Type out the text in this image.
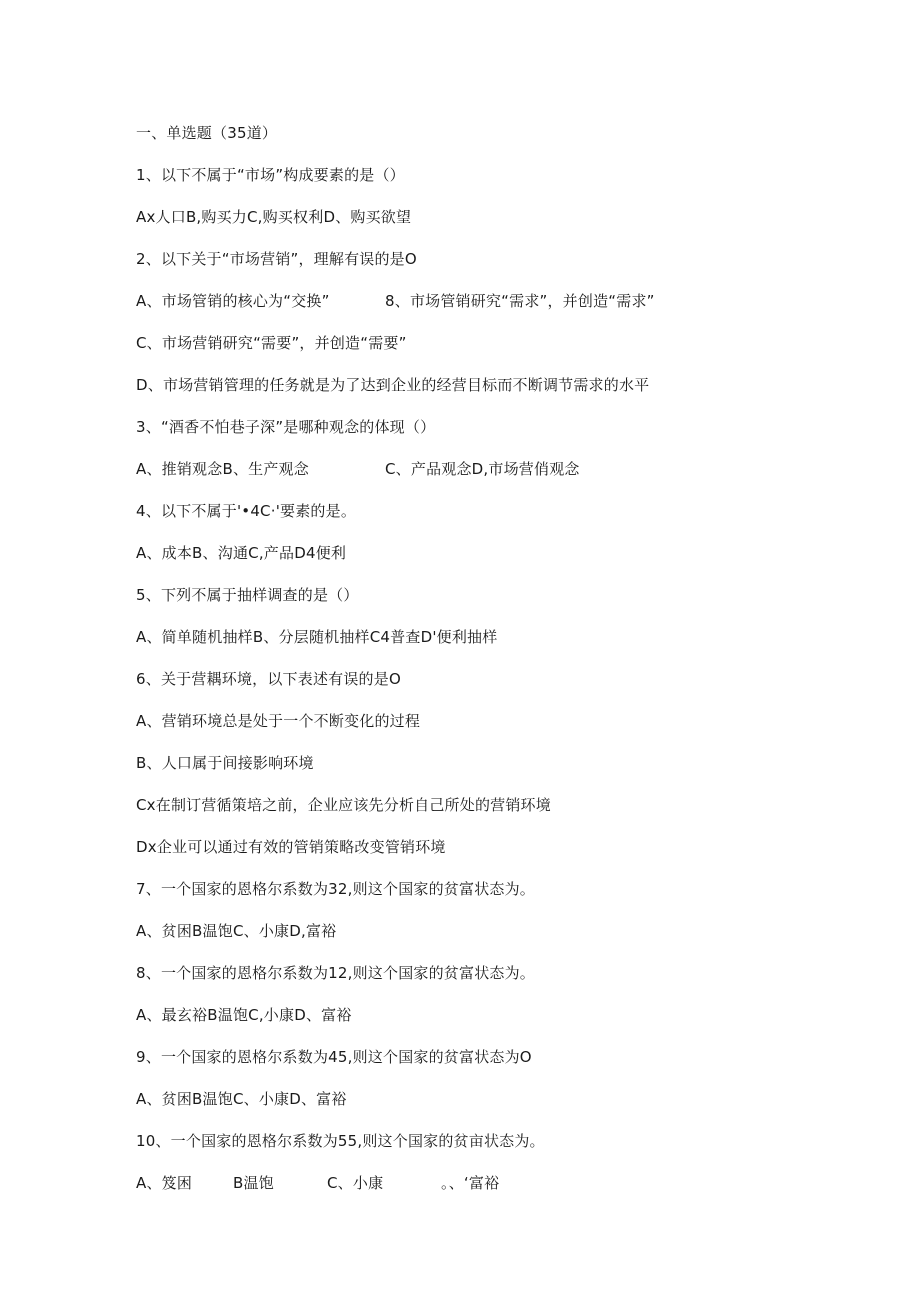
一、单选题（35道）
1、以下不属于“市场”构成要素的是（）
Ax人口B,购买力C,购买权利D、购买欲望
2、以下关于“市场营销”，理解有误的是O
A、市场管销的核心为“交换”	8、市场管销研究“需求”，并创造“需求”
C、市场营销研究“需要”，并创造“需要”
D、市场营销管理的任务就是为了达到企业的经营目标而不断调节需求的水平
3、“酒香不怕巷子深”是哪种观念的体现（）
A、推销观念B、生产观念	C、产品观念D,市场营俏观念
4、以下不属于'•4C·'要素的是。
A、成本B、沟通C,产品D4便利
5、下列不属于抽样调查的是（）
A、简单随机抽样B、分层随机抽样C4普查D'便利抽样
6、关于营耦环境，以下表述有误的是O
A、营销环境总是处于一个不断变化的过程
B、人口属于间接影响环境
Cx在制订营循策培之前，企业应该先分析自己所处的营销环境
Dx企业可以通过有效的管销策略改变管销环境
7、一个国家的恩格尔系数为32,则这个国家的贫富状态为。
A、贫困B温饱C、小康D,富裕
8、一个国家的恩格尔系数为12,则这个国家的贫富状态为。
A、最玄裕B温饱C,小康D、富裕
9、一个国家的恩格尔系数为45,则这个国家的贫富状态为O
A、贫困B温饱C、小康D、富裕
10、一个国家的恩格尔系数为55,则这个国家的贫亩状态为。
A、笈困	B温饱	C、小康	。、‘富裕
